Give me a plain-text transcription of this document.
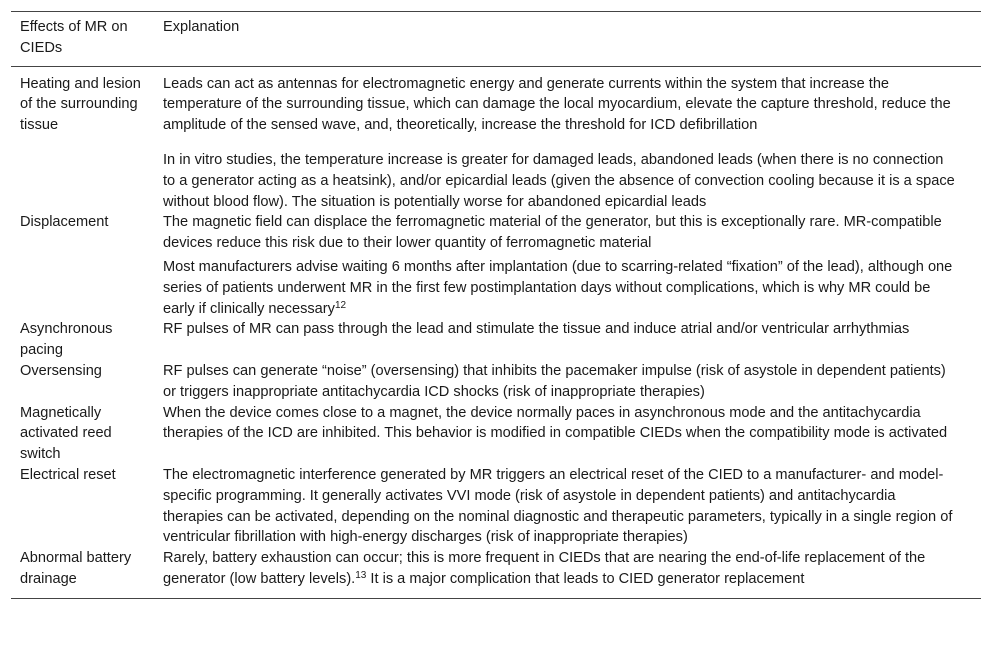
Effects of MR on CIEDs	Explanation
Heating and lesion of the surrounding tissue	Leads can act as antennas for electromagnetic energy and generate currents within the system that increase the temperature of the surrounding tissue, which can damage the local myocardium, elevate the capture threshold, reduce the amplitude of the sensed wave, and, theoretically, increase the threshold for ICD defibrillation

In in vitro studies, the temperature increase is greater for damaged leads, abandoned leads (when there is no connection to a generator acting as a heatsink), and/or epicardial leads (given the absence of convection cooling because it is a space without blood flow). The situation is potentially worse for abandoned epicardial leads

Displacement	The magnetic field can displace the ferromagnetic material of the generator, but this is exceptionally rare. MR-compatible devices reduce this risk due to their lower quantity of ferromagnetic material

Most manufacturers advise waiting 6 months after implantation (due to scarring-related “fixation” of the lead), although one series of patients underwent MR in the first few postimplantation days without complications, which is why MR could be early if clinically necessary$^{12}$

Asynchronous pacing	RF pulses of MR can pass through the lead and stimulate the tissue and induce atrial and/or ventricular arrhythmias
Oversensing	RF pulses can generate “noise” (oversensing) that inhibits the pacemaker impulse (risk of asystole in dependent patients) or triggers inappropriate antitachycardia ICD shocks (risk of inappropriate therapies)
Magnetically activated reed switch	When the device comes close to a magnet, the device normally paces in asynchronous mode and the antitachycardia therapies of the ICD are inhibited. This behavior is modified in compatible CIEDs when the compatibility mode is activated
Electrical reset	The electromagnetic interference generated by MR triggers an electrical reset of the CIED to a manufacturer- and model-specific programming. It generally activates VVI mode (risk of asystole in dependent patients) and antitachycardia therapies can be activated, depending on the nominal diagnostic and therapeutic parameters, typically in a single region of ventricular fibrillation with high-energy discharges (risk of inappropriate therapies)
Abnormal battery drainage	Rarely, battery exhaustion can occur; this is more frequent in CIEDs that are nearing the end-of-life replacement of the generator (low battery levels).$^{13}$ It is a major complication that leads to CIED generator replacement
